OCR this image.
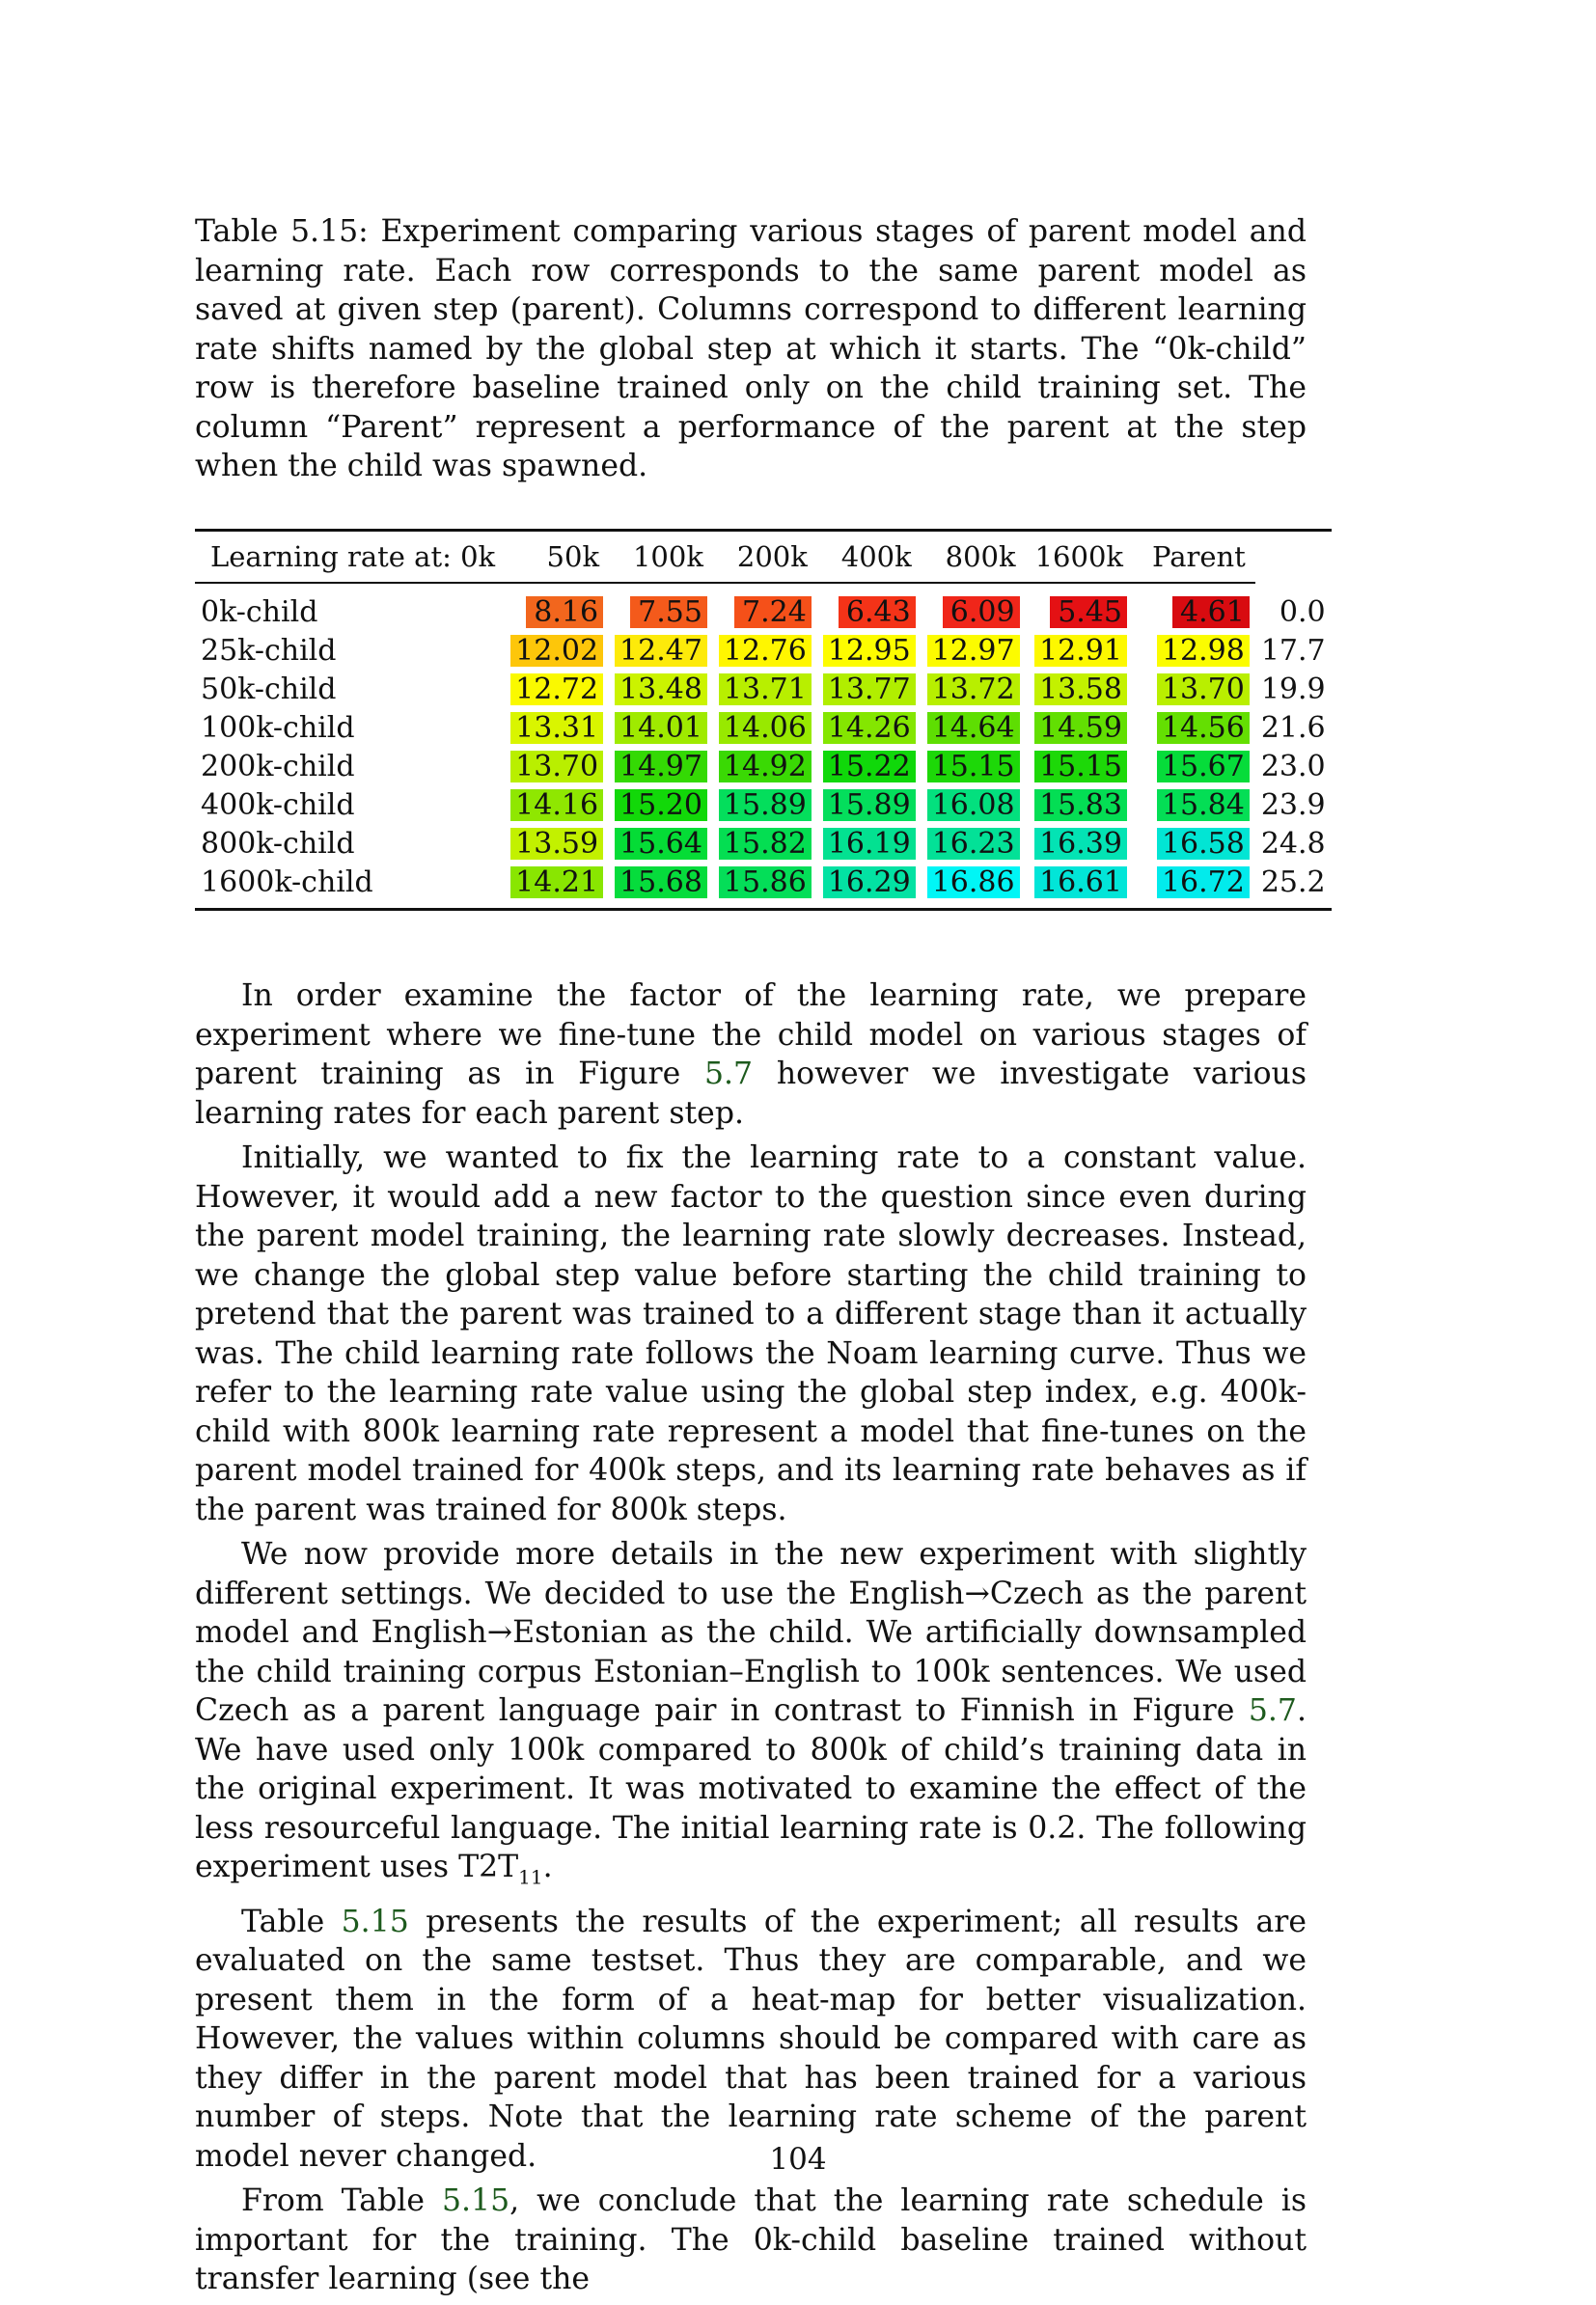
Table 5.15: Experiment comparing various stages of parent model and learning rate. Each row corresponds to the same parent model as saved at given step (parent). Columns correspond to different learning rate shifts named by the global step at which it starts. The “0k-child” row is therefore baseline trained only on the child training set. The column “Parent” represent a performance of the parent at the step when the child was spawned.

Learning rate at: 0k	50k	100k	200k	400k	800k	1600k	Parent	
0k-child	8.16	7.55	7.24	6.43	6.09	5.45	4.61	0.0
25k-child	12.02	12.47	12.76	12.95	12.97	12.91	12.98	17.7
50k-child	12.72	13.48	13.71	13.77	13.72	13.58	13.70	19.9
100k-child	13.31	14.01	14.06	14.26	14.64	14.59	14.56	21.6
200k-child	13.70	14.97	14.92	15.22	15.15	15.15	15.67	23.0
400k-child	14.16	15.20	15.89	15.89	16.08	15.83	15.84	23.9
800k-child	13.59	15.64	15.82	16.19	16.23	16.39	16.58	24.8
1600k-child	14.21	15.68	15.86	16.29	16.86	16.61	16.72	25.2

In order examine the factor of the learning rate, we prepare experiment where we fine-tune the child model on various stages of parent training as in Figure 5.7 however we investigate various learning rates for each parent step.

Initially, we wanted to fix the learning rate to a constant value. However, it would add a new factor to the question since even during the parent model training, the learning rate slowly decreases. Instead, we change the global step value before starting the child training to pretend that the parent was trained to a different stage than it actually was. The child learning rate follows the Noam learning curve. Thus we refer to the learning rate value using the global step index, e.g. 400k-child with 800k learning rate represent a model that fine-tunes on the parent model trained for 400k steps, and its learning rate behaves as if the parent was trained for 800k steps.

We now provide more details in the new experiment with slightly different settings. We decided to use the English→Czech as the parent model and English→Estonian as the child. We artificially downsampled the child training corpus Estonian–English to 100k sentences. We used Czech as a parent language pair in contrast to Finnish in Figure 5.7. We have used only 100k compared to 800k of child’s training data in the original experiment. It was motivated to examine the effect of the less resourceful language. The initial learning rate is 0.2. The following experiment uses $T2T_{11}$.

Table 5.15 presents the results of the experiment; all results are evaluated on the same testset. Thus they are comparable, and we present them in the form of a heat-map for better visualization. However, the values within columns should be compared with care as they differ in the parent model that has been trained for a various number of steps. Note that the learning rate scheme of the parent model never changed.

From Table 5.15, we conclude that the learning rate schedule is important for the training. The 0k-child baseline trained without transfer learning (see the

104
